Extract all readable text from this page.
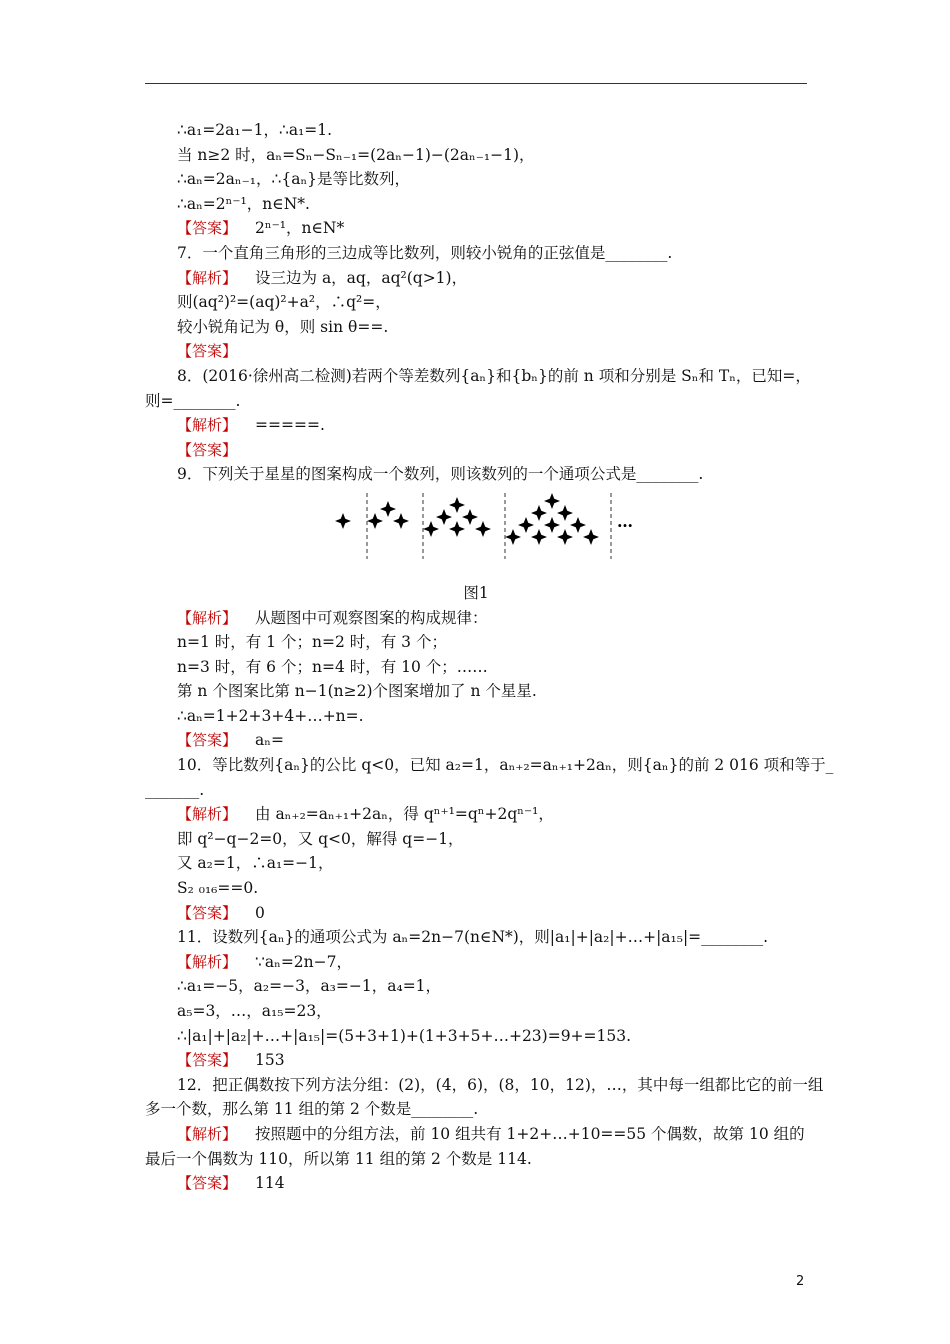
∴a₁=2a₁−1，∴a₁=1.
当 n≥2 时，aₙ=Sₙ−Sₙ₋₁=(2aₙ−1)−(2aₙ₋₁−1)，
∴aₙ=2aₙ₋₁，∴{aₙ}是等比数列，
∴aₙ=2ⁿ⁻¹，n∈N*.
【答案】 2ⁿ⁻¹，n∈N*
7．一个直角三角形的三边成等比数列，则较小锐角的正弦值是________.
【解析】 设三边为 a，aq，aq²(q>1)，
则(aq²)²=(aq)²+a²，∴q²=，
较小锐角记为 θ，则 sin θ==.
【答案】
8．(2016·徐州高二检测)若两个等差数列{aₙ}和{bₙ}的前 n 项和分别是 Sₙ和 Tₙ，已知=，
则=________.
【解析】 =====.
【答案】
9．下列关于星星的图案构成一个数列，则该数列的一个通项公式是________.
…
图1
【解析】 从题图中可观察图案的构成规律：
n=1 时，有 1 个；n=2 时，有 3 个；
n=3 时，有 6 个；n=4 时，有 10 个；……
第 n 个图案比第 n−1(n≥2)个图案增加了 n 个星星.
∴aₙ=1+2+3+4+…+n=.
【答案】 aₙ=
10．等比数列{aₙ}的公比 q<0，已知 a₂=1，aₙ₊₂=aₙ₊₁+2aₙ，则{aₙ}的前 2 016 项和等于_
_______.
【解析】 由 aₙ₊₂=aₙ₊₁+2aₙ，得 qⁿ⁺¹=qⁿ+2qⁿ⁻¹，
即 q²−q−2=0，又 q<0，解得 q=−1，
又 a₂=1，∴a₁=−1，
S₂ ₀₁₆==0.
【答案】 0
11．设数列{aₙ}的通项公式为 aₙ=2n−7(n∈N*)，则|a₁|+|a₂|+…+|a₁₅|=________.
【解析】 ∵aₙ=2n−7，
∴a₁=−5，a₂=−3，a₃=−1，a₄=1，
a₅=3，…，a₁₅=23，
∴|a₁|+|a₂|+…+|a₁₅|=(5+3+1)+(1+3+5+…+23)=9+=153.
【答案】 153
12．把正偶数按下列方法分组：(2)，(4，6)，(8，10，12)，…，其中每一组都比它的前一组
多一个数，那么第 11 组的第 2 个数是________.
【解析】 按照题中的分组方法，前 10 组共有 1+2+…+10==55 个偶数，故第 10 组的
最后一个偶数为 110，所以第 11 组的第 2 个数是 114.
【答案】 114
2
